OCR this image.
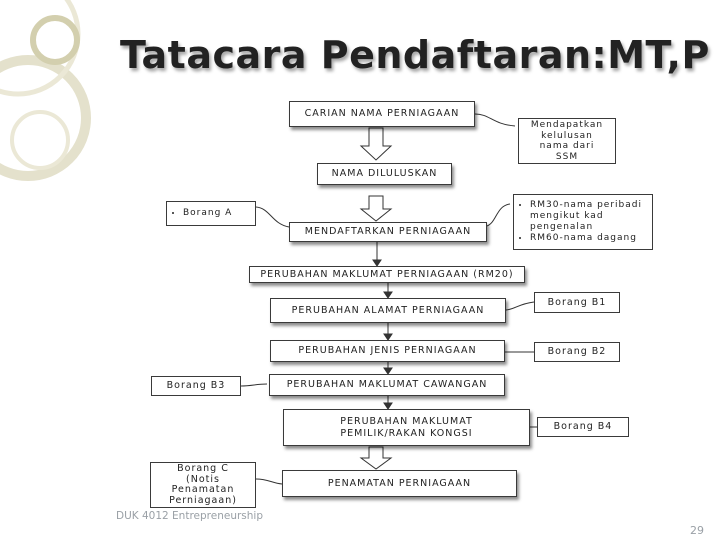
Tatacara Pendaftaran:MT,P
CARIAN NAMA PERNIAGAAN
NAMA DILULUSKAN
MENDAFTARKAN PERNIAGAAN
PERUBAHAN MAKLUMAT PERNIAGAAN (RM20)
PERUBAHAN ALAMAT PERNIAGAAN
PERUBAHAN JENIS PERNIAGAAN
PERUBAHAN MAKLUMAT CAWANGAN
PERUBAHAN MAKLUMAT
PEMILIK/RAKAN KONGSI
PENAMATAN PERNIAGAAN
Mendapatkan
kelulusan
nama dari
SSM
• Borang A
• RM30-nama peribadi mengikut kad pengenalan
• RM60-nama dagang
Borang B1
Borang B2
Borang B3
Borang B4
Borang C
(Notis
Penamatan
Perniagaan)
DUK 4012 Entrepreneurship
29
